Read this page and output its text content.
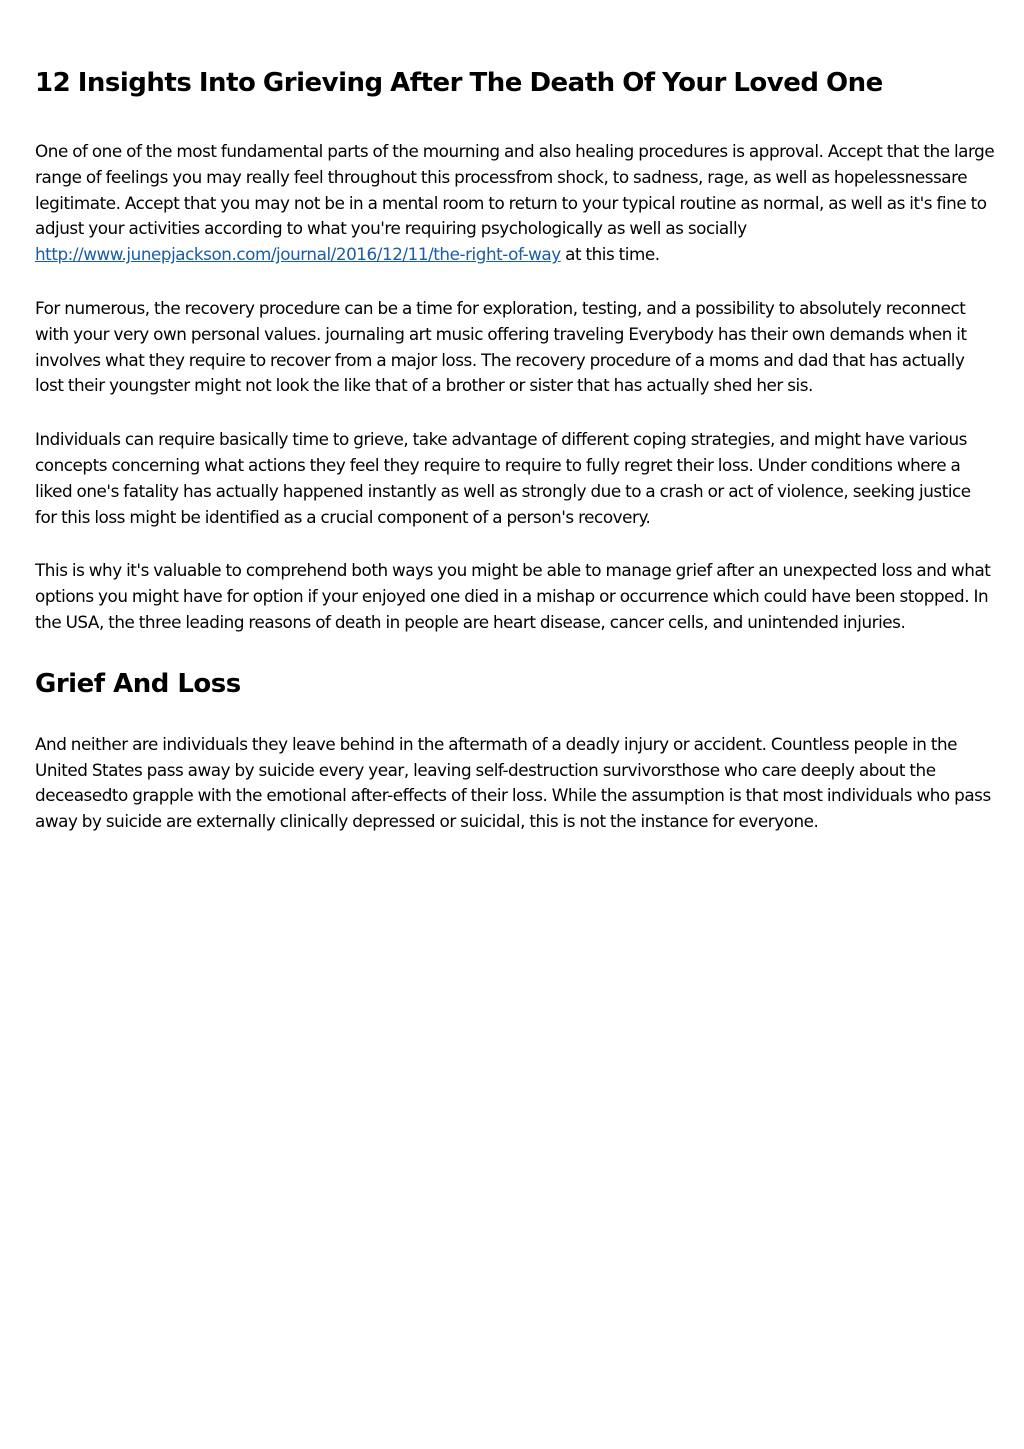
12 Insights Into Grieving After The Death Of Your Loved One

One of one of the most fundamental parts of the mourning and also healing procedures is approval. Accept that the large range of feelings you may really feel throughout this processfrom shock, to sadness, rage, as well as hopelessnessare legitimate. Accept that you may not be in a mental room to return to your typical routine as normal, as well as it's fine to adjust your activities according to what you're requiring psychologically as well as socially http://www.junepjackson.com/journal/2016/12/11/the-right-of-way at this time.

For numerous, the recovery procedure can be a time for exploration, testing, and a possibility to absolutely reconnect with your very own personal values. journaling art music offering traveling Everybody has their own demands when it involves what they require to recover from a major loss. The recovery procedure of a moms and dad that has actually lost their youngster might not look the like that of a brother or sister that has actually shed her sis.

Individuals can require basically time to grieve, take advantage of different coping strategies, and might have various concepts concerning what actions they feel they require to require to fully regret their loss. Under conditions where a liked one's fatality has actually happened instantly as well as strongly due to a crash or act of violence, seeking justice for this loss might be identified as a crucial component of a person's recovery.

This is why it's valuable to comprehend both ways you might be able to manage grief after an unexpected loss and what options you might have for option if your enjoyed one died in a mishap or occurrence which could have been stopped. In the USA, the three leading reasons of death in people are heart disease, cancer cells, and unintended injuries.

Grief And Loss

And neither are individuals they leave behind in the aftermath of a deadly injury or accident. Countless people in the United States pass away by suicide every year, leaving self-destruction survivorsthose who care deeply about the deceasedto grapple with the emotional after-effects of their loss. While the assumption is that most individuals who pass away by suicide are externally clinically depressed or suicidal, this is not the instance for everyone.
